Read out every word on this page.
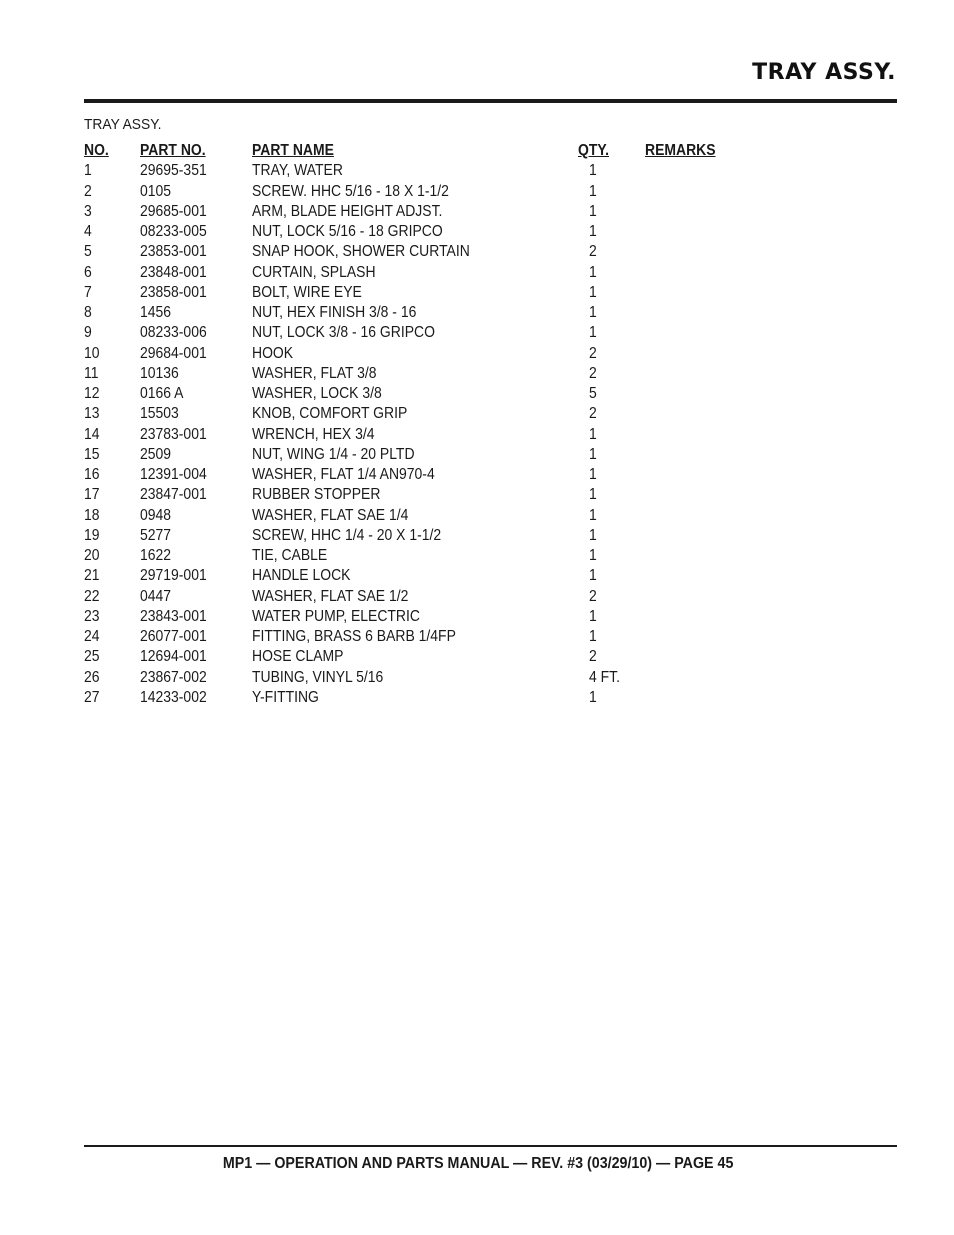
TRAY ASSY.
TRAY ASSY.
NO. PART NO.	PART NAME	QTY. REMARKS
1	29695-351	TRAY, WATER	1
2	0105	SCREW. HHC 5/16 - 18 X 1-1/2	1
3	29685-001	ARM, BLADE HEIGHT ADJST.	1
4	08233-005	NUT, LOCK 5/16 - 18 GRIPCO	1
5	23853-001	SNAP HOOK, SHOWER CURTAIN	2
6	23848-001	CURTAIN, SPLASH	1
7	23858-001	BOLT, WIRE EYE	1
8	1456	NUT, HEX FINISH 3/8 - 16	1
9	08233-006	NUT, LOCK 3/8 - 16 GRIPCO	1
10	29684-001	HOOK	2
11	10136	WASHER, FLAT 3/8	2
12	0166 A	WASHER, LOCK 3/8	5
13	15503	KNOB, COMFORT GRIP	2
14	23783-001	WRENCH, HEX 3/4	1
15	2509	NUT, WING 1/4 - 20 PLTD	1
16	12391-004	WASHER, FLAT 1/4 AN970-4	1
17	23847-001	RUBBER STOPPER	1
18	0948	WASHER, FLAT SAE 1/4	1
19	5277	SCREW, HHC 1/4 - 20 X 1-1/2	1
20	1622	TIE, CABLE	1
21	29719-001	HANDLE LOCK	1
22	0447	WASHER, FLAT SAE 1/2	2
23	23843-001	WATER PUMP, ELECTRIC	1
24	26077-001	FITTING, BRASS 6 BARB 1/4FP	1
25	12694-001	HOSE CLAMP	2
26	23867-002	TUBING, VINYL 5/16	4 FT.
27	14233-002	Y-FITTING	1
MP1 — OPERATION AND PARTS MANUAL — REV. #3 (03/29/10) — PAGE 45
